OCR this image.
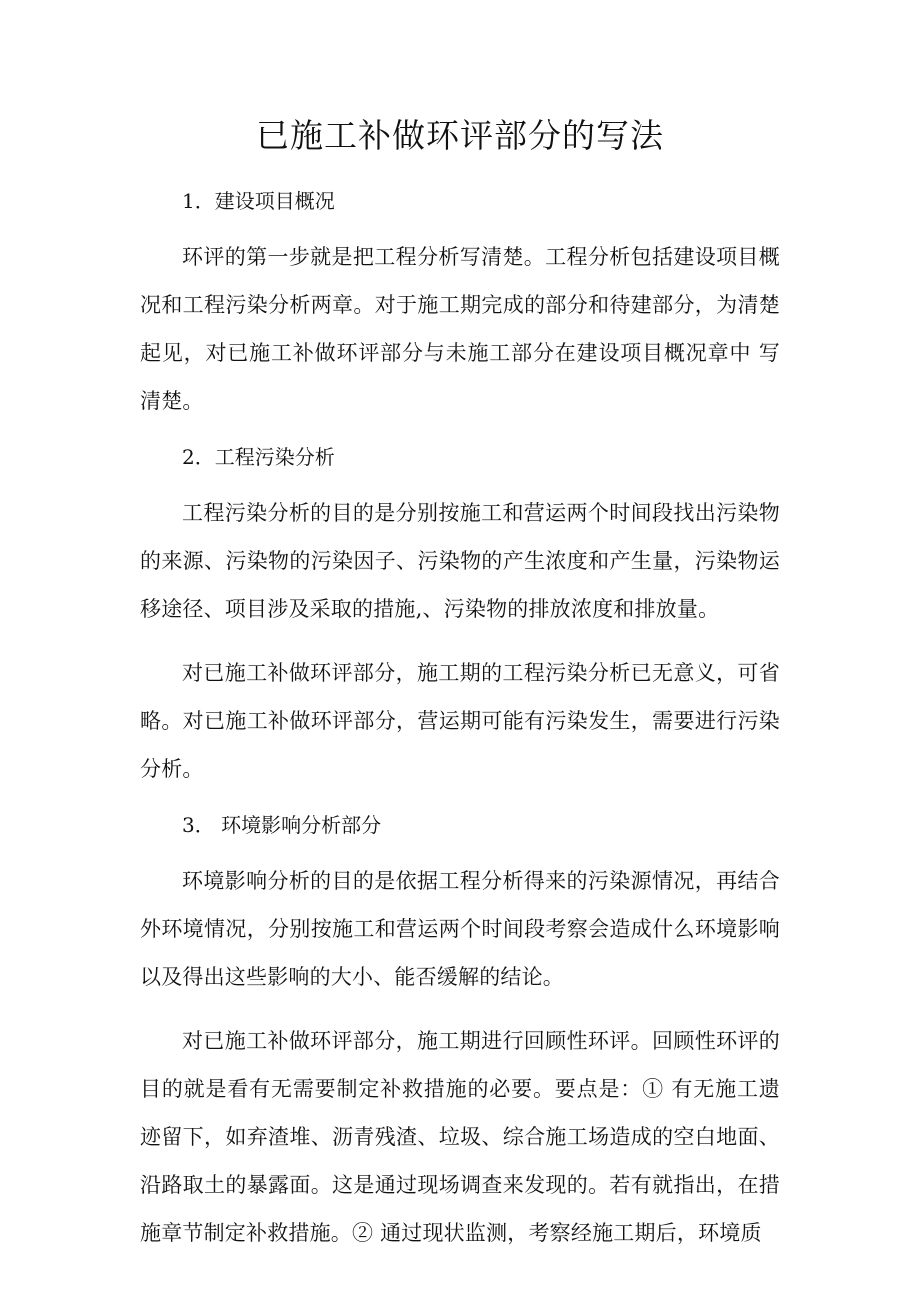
已施工补做环评部分的写法
1．建设项目概况

环评的第一步就是把工程分析写清楚。工程分析包括建设项目概况和工程污染分析两章。对于施工期完成的部分和待建部分，为清楚起见，对已施工补做环评部分与未施工部分在建设项目概况章中 写清楚。

2．工程污染分析

工程污染分析的目的是分别按施工和营运两个时间段找出污染物的来源、污染物的污染因子、污染物的产生浓度和产生量，污染物运移途径、项目涉及采取的措施,、污染物的排放浓度和排放量。

对已施工补做环评部分，施工期的工程污染分析已无意义，可省略。对已施工补做环评部分，营运期可能有污染发生，需要进行污染分析。

3． 环境影响分析部分

环境影响分析的目的是依据工程分析得来的污染源情况，再结合外环境情况，分别按施工和营运两个时间段考察会造成什么环境影响以及得出这些影响的大小、能否缓解的结论。

对已施工补做环评部分，施工期进行回顾性环评。回顾性环评的目的就是看有无需要制定补救措施的必要。要点是：① 有无施工遗迹留下，如弃渣堆、沥青残渣、垃圾、综合施工场造成的空白地面、沿路取土的暴露面。这是通过现场调查来发现的。若有就指出，在措施章节制定补救措施。② 通过现状监测，考察经施工期后，环境质
